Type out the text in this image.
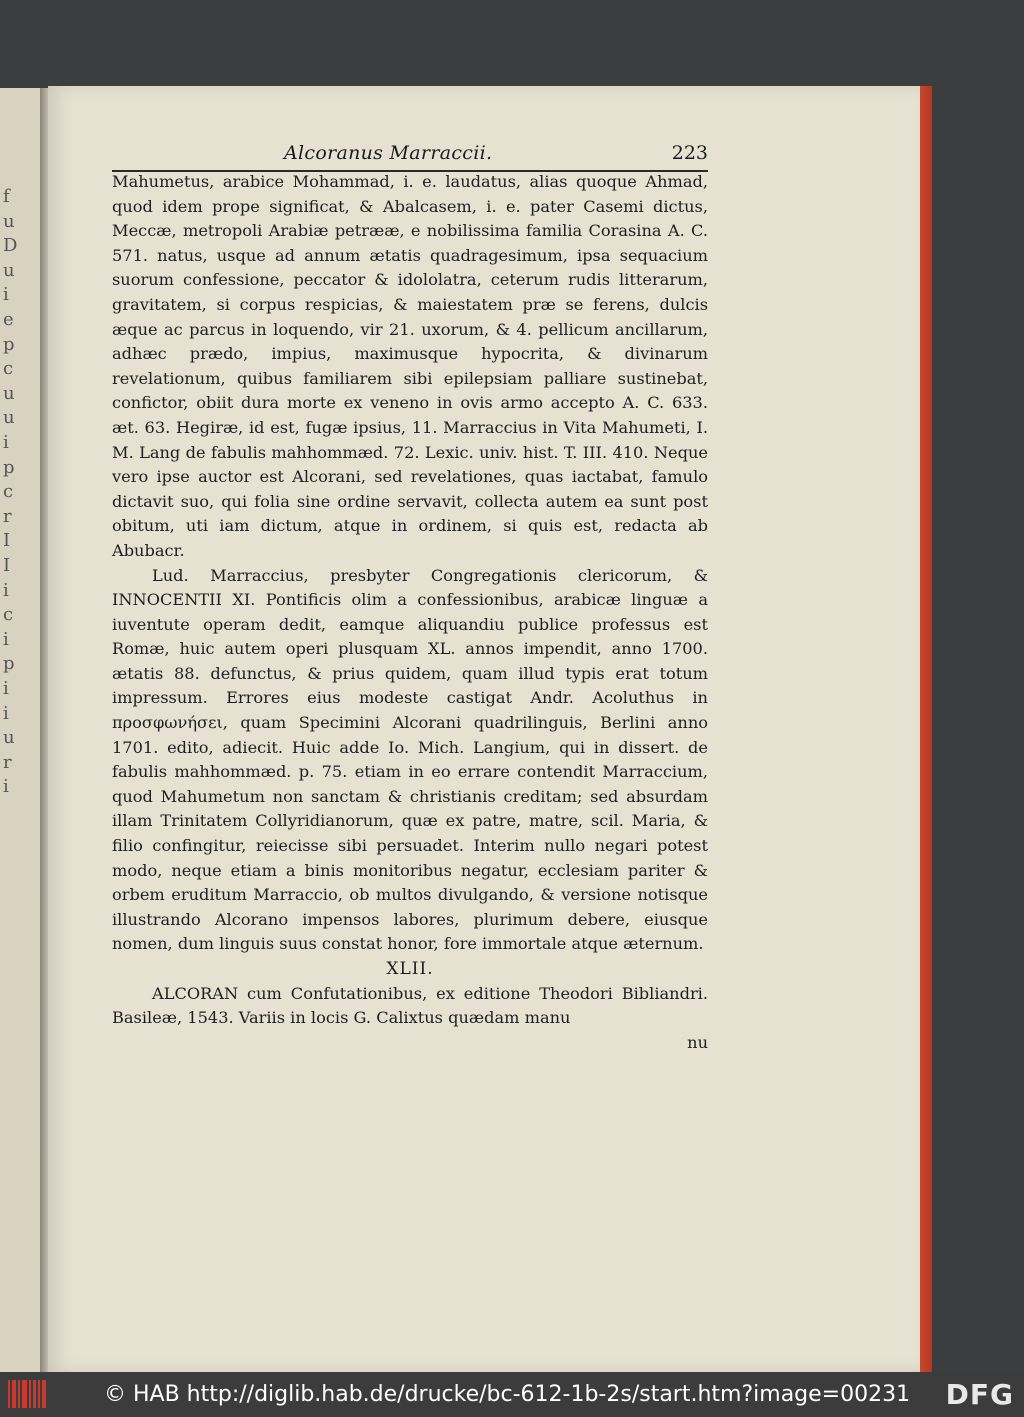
f
u
D
u
i
e
p
c
u
u
i
p
c
r
I
I
i
c
i
p
i
i
u
r
i
Alcoranus Marraccii.	223

Mahumetus, arabice Mohammad, i. e. laudatus, alias quoque Ahmad, quod idem prope significat, & Abalcasem, i. e. pater Casemi dictus, Meccæ, metropoli Arabiæ petrææ, e nobilissima familia Corasina A. C. 571. natus, usque ad annum ætatis quadragesimum, ipsa sequacium suorum confessione, peccator & idololatra, ceterum rudis litterarum, gravitatem, si corpus respicias, & maiestatem præ se ferens, dulcis æque ac parcus in loquendo, vir 21. uxorum, & 4. pellicum ancillarum, adhæc prædo, impius, maximusque hypocrita, & divinarum revelationum, quibus familiarem sibi epilepsiam palliare sustinebat, confictor, obiit dura morte ex veneno in ovis armo accepto A. C. 633. æt. 63. Hegiræ, id est, fugæ ipsius, 11. Marraccius in Vita Mahumeti, I. M. Lang de fabulis mahhommæd. 72. Lexic. univ. hist. T. III. 410. Neque vero ipse auctor est Alcorani, sed revelationes, quas iactabat, famulo dictavit suo, qui folia sine ordine servavit, collecta autem ea sunt post obitum, uti iam dictum, atque in ordinem, si quis est, redacta ab Abubacr.

Lud. Marraccius, presbyter Congregationis clericorum, & INNOCENTII XI. Pontificis olim a confessionibus, arabicæ linguæ a iuventute operam dedit, eamque aliquandiu publice professus est Romæ, huic autem operi plusquam XL. annos impendit, anno 1700. ætatis 88. defunctus, & prius quidem, quam illud typis erat totum impressum. Errores eius modeste castigat Andr. Acoluthus in προσφωνήσει, quam Specimini Alcorani quadrilinguis, Berlini anno 1701. edito, adiecit. Huic adde Io. Mich. Langium, qui in dissert. de fabulis mahhommæd. p. 75. etiam in eo errare contendit Marraccium, quod Mahumetum non sanctam & christianis creditam; sed absurdam illam Trinitatem Collyridianorum, quæ ex patre, matre, scil. Maria, & filio confingitur, reiecisse sibi persuadet. Interim nullo negari potest modo, neque etiam a binis monitoribus negatur, ecclesiam pariter & orbem eruditum Marraccio, ob multos divulgando, & versione notisque illustrando Alcorano impensos labores, plurimum debere, eiusque nomen, dum linguis suus constat honor, fore immortale atque æternum.

XLII.

ALCORAN cum Confutationibus, ex editione Theodori Bibliandri. Basileæ, 1543. Variis in locis G. Calixtus quædam manu

nu
© HAB http://diglib.hab.de/drucke/bc-612-1b-2s/start.htm?image=00231 DFG
